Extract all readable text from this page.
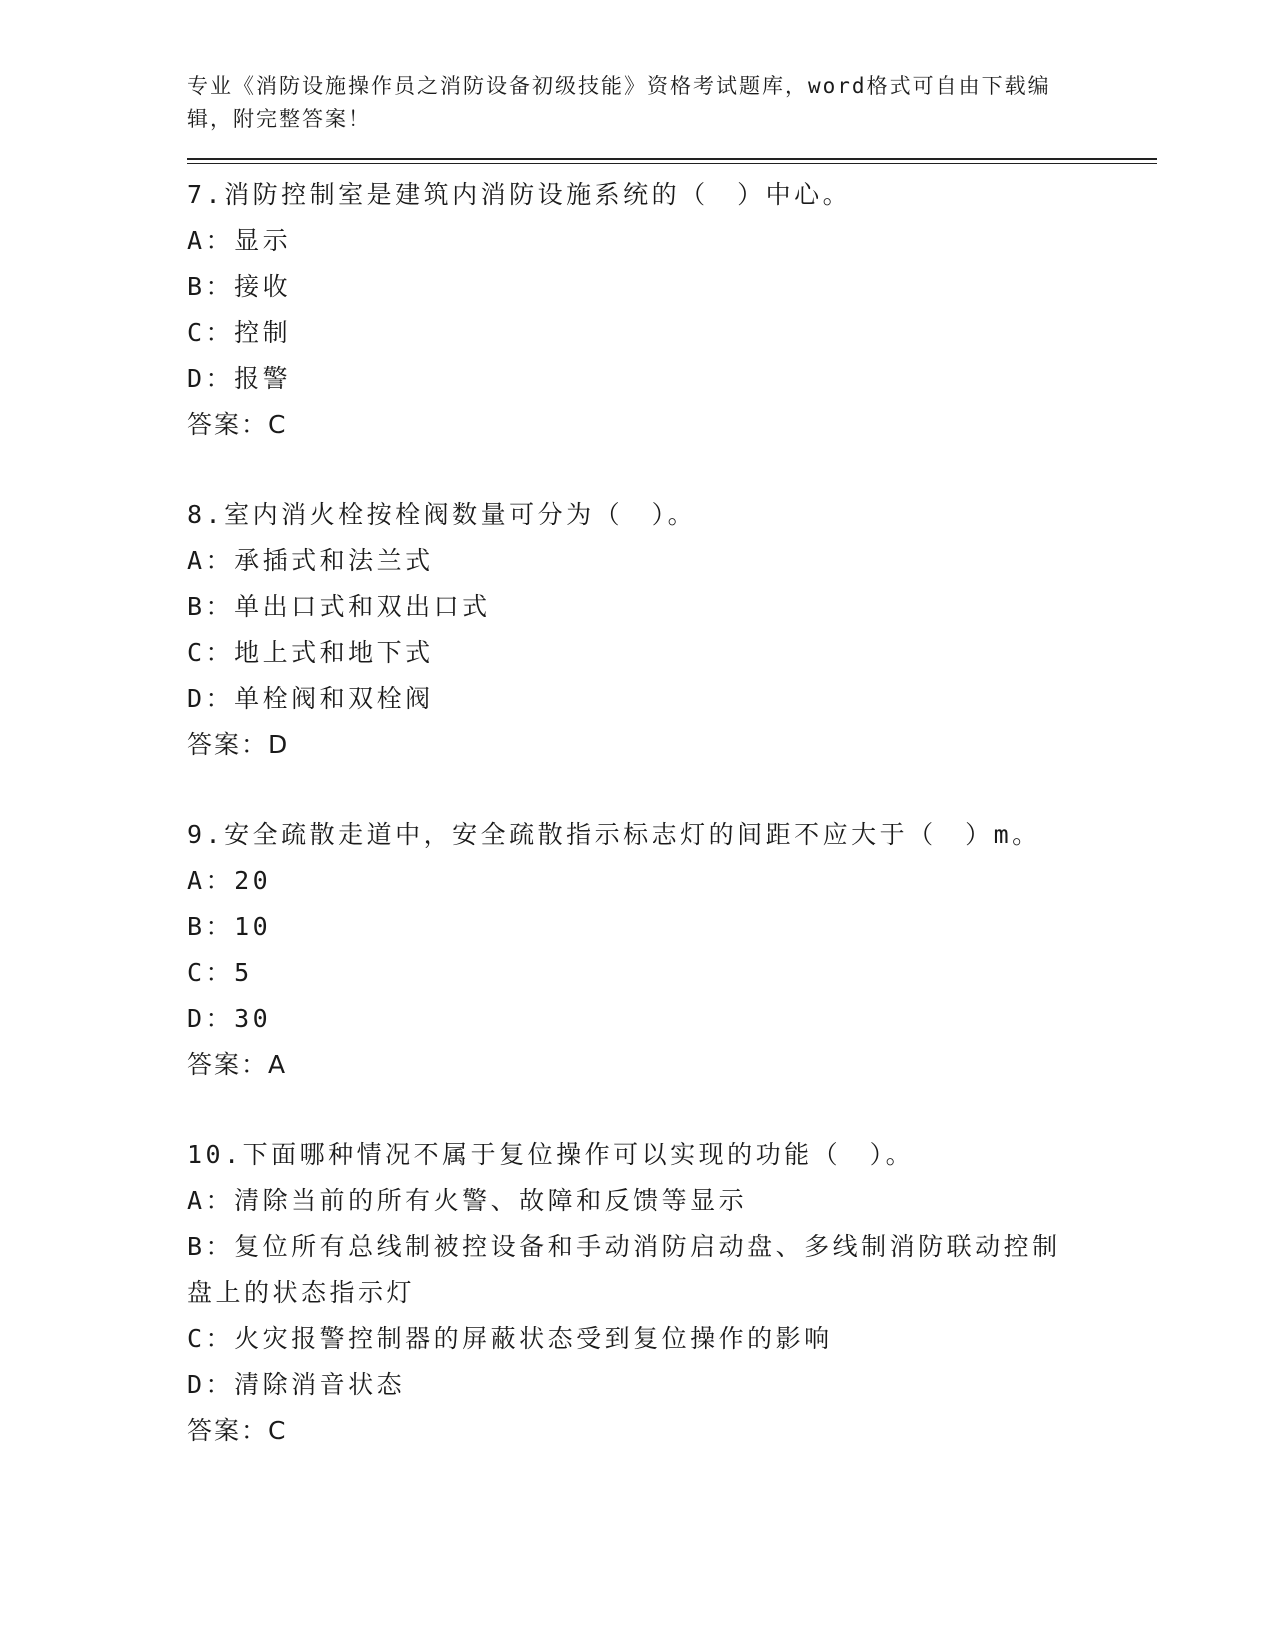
专业《消防设施操作员之消防设备初级技能》资格考试题库，word格式可自由下载编辑，附完整答案！

7.消防控制室是建筑内消防设施系统的（　）中心。

A： 显示
B： 接收
C： 控制
D： 报警

答案：C

8.室内消火栓按栓阀数量可分为（　）。

A： 承插式和法兰式
B： 单出口式和双出口式
C： 地上式和地下式
D： 单栓阀和双栓阀

答案：D

9.安全疏散走道中，安全疏散指示标志灯的间距不应大于（　）m。

A： 20
B： 10
C： 5
D： 30

答案：A

10.下面哪种情况不属于复位操作可以实现的功能（　）。

A： 清除当前的所有火警、故障和反馈等显示

B：复位所有总线制被控设备和手动消防启动盘、多线制消防联动控制盘上的状态指示灯

C： 火灾报警控制器的屏蔽状态受到复位操作的影响
D： 清除消音状态

答案：C
